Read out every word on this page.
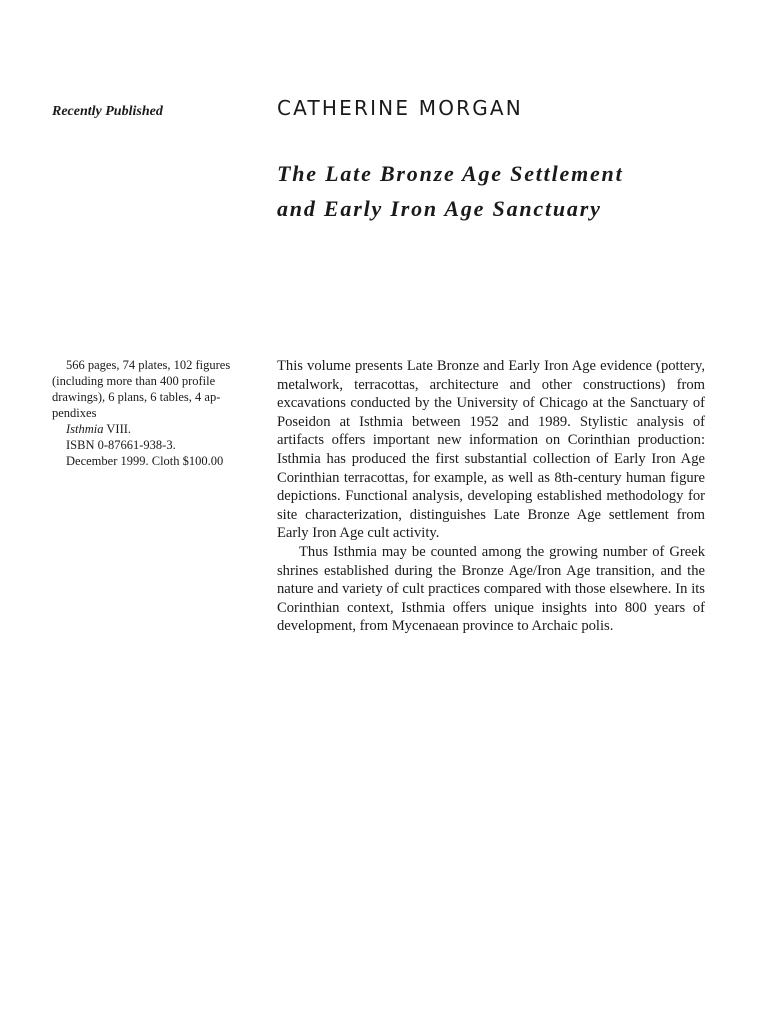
Recently Published	CATHERINE MORGAN
The Late Bronze Age Settlement
and Early Iron Age Sanctuary
566 pages, 74 plates, 102 figures (including more than 400 profile drawings), 6 plans, 6 tables, 4 appendixes
Isthmia VIII.
ISBN 0-87661-938-3.
December 1999. Cloth $100.00

This volume presents Late Bronze and Early Iron Age evidence (pottery, metalwork, terracottas, architecture and other constructions) from excavations conducted by the University of Chicago at the Sanctuary of Poseidon at Isthmia between 1952 and 1989. Stylistic analysis of artifacts offers important new information on Corinthian production: Isthmia has produced the first substantial collection of Early Iron Age Corinthian terracottas, for example, as well as 8th-century human figure depictions. Functional analysis, developing established methodology for site characterization, distinguishes Late Bronze Age settlement from Early Iron Age cult activity.

Thus Isthmia may be counted among the growing number of Greek shrines established during the Bronze Age/Iron Age transition, and the nature and variety of cult practices compared with those elsewhere. In its Corinthian context, Isthmia offers unique insights into 800 years of development, from Mycenaean province to Archaic polis.
